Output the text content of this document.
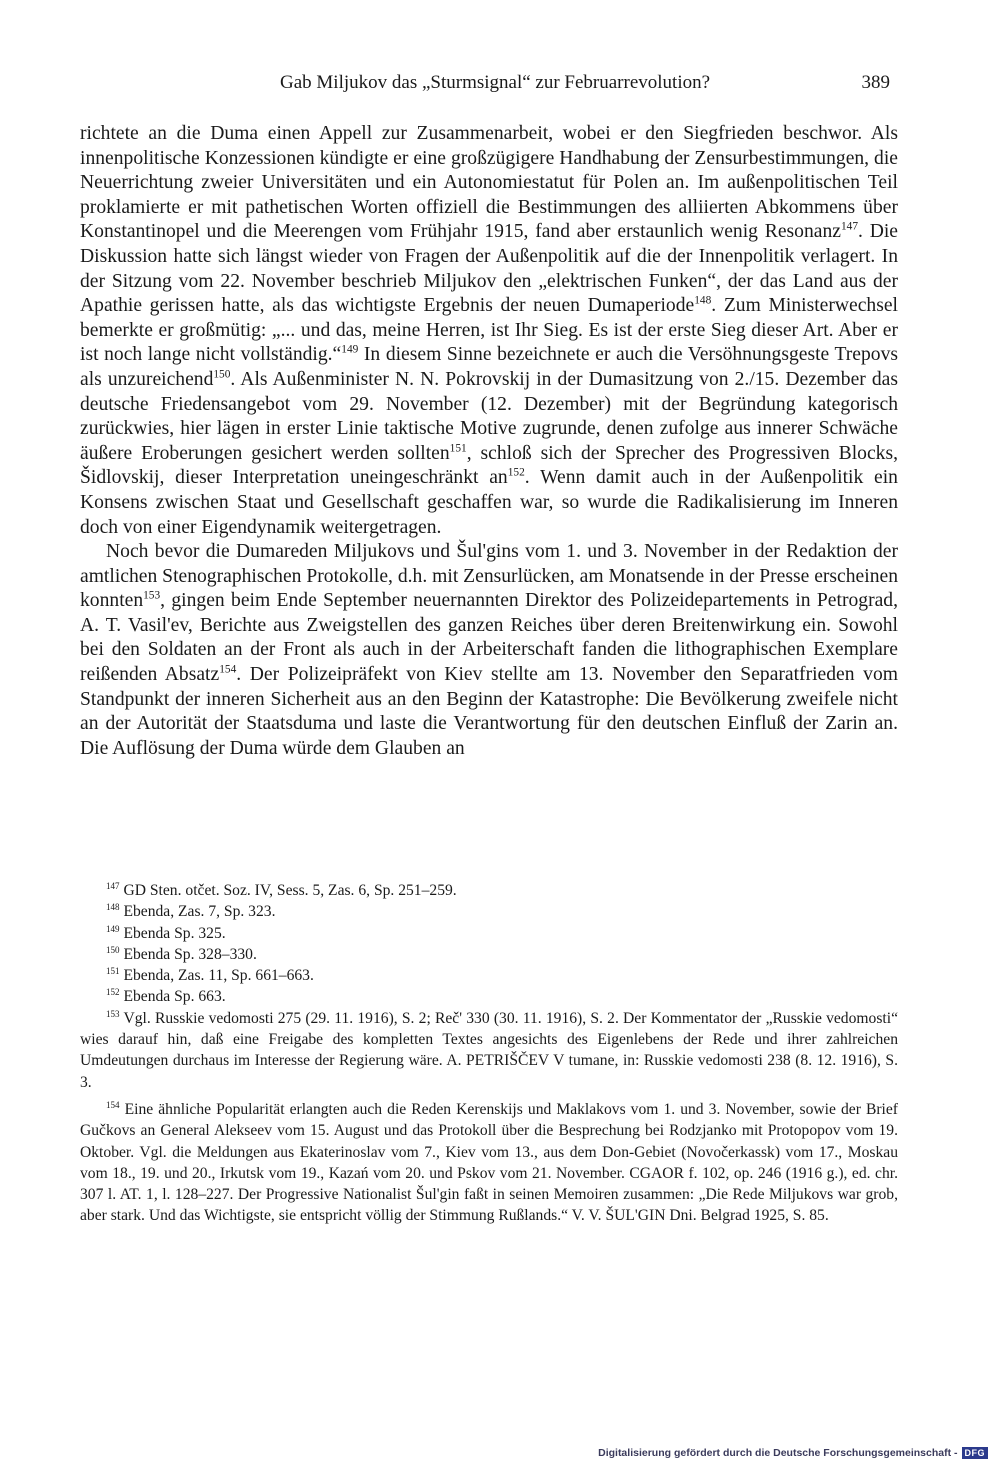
Gab Miljukov das „Sturmsignal“ zur Februarrevolution?	389

richtete an die Duma einen Appell zur Zusammenarbeit, wobei er den Siegfrieden beschwor. Als innenpolitische Konzessionen kündigte er eine großzügigere Handhabung der Zensurbestimmungen, die Neuerrichtung zweier Universitäten und ein Autonomiestatut für Polen an. Im außenpolitischen Teil proklamierte er mit pathetischen Worten offiziell die Bestimmungen des alliierten Abkommens über Konstantinopel und die Meerengen vom Frühjahr 1915, fand aber erstaunlich wenig Resonanz$^{147}$. Die Diskussion hatte sich längst wieder von Fragen der Außenpolitik auf die der Innenpolitik verlagert. In der Sitzung vom 22. November beschrieb Miljukov den „elektrischen Funken“, der das Land aus der Apathie gerissen hatte, als das wichtigste Ergebnis der neuen Dumaperiode$^{148}$. Zum Ministerwechsel bemerkte er großmütig: „... und das, meine Herren, ist Ihr Sieg. Es ist der erste Sieg dieser Art. Aber er ist noch lange nicht vollständig.“$^{149}$ In diesem Sinne bezeichnete er auch die Versöhnungsgeste Trepovs als unzureichend$^{150}$. Als Außenminister N. N. Pokrovskij in der Dumasitzung von 2./15. Dezember das deutsche Friedensangebot vom 29. November (12. Dezember) mit der Begründung kategorisch zurückwies, hier lägen in erster Linie taktische Motive zugrunde, denen zufolge aus innerer Schwäche äußere Eroberungen gesichert werden sollten$^{151}$, schloß sich der Sprecher des Progressiven Blocks, Šidlovskij, dieser Interpretation uneingeschränkt $an^{152}$. Wenn damit auch in der Außenpolitik ein Konsens zwischen Staat und Gesellschaft geschaffen war, so wurde die Radikalisierung im Inneren doch von einer Eigendynamik weitergetragen.

Noch bevor die Dumareden Miljukovs und Šul'gins vom 1. und 3. November in der Redaktion der amtlichen Stenographischen Protokolle, d.h. mit Zensurlücken, am Monatsende in der Presse erscheinen konnten$^{153}$, gingen beim Ende September neuernannten Direktor des Polizeidepartements in Petrograd, A. T. Vasil'ev, Berichte aus Zweigstellen des ganzen Reiches über deren Breitenwirkung ein. Sowohl bei den Soldaten an der Front als auch in der Arbeiterschaft fanden die lithographischen Exemplare reißenden Absatz$^{154}$. Der Polizeipräfekt von Kiev stellte am 13. November den Separatfrieden vom Standpunkt der inneren Sicherheit aus an den Beginn der Katastrophe: Die Bevölkerung zweifele nicht an der Autorität der Staatsduma und laste die Verantwortung für den deutschen Einfluß der Zarin an. Die Auflösung der Duma würde dem Glauben an

$^{147}$ GD Sten. otčet. Soz. IV, Sess. 5, Zas. 6, Sp. 251–259.

$^{148}$ Ebenda, Zas. 7, Sp. 323.

$^{149}$ Ebenda Sp. 325.

$^{150}$ Ebenda Sp. 328–330.

$^{151}$ Ebenda, Zas. 11, Sp. 661–663.

$^{152}$ Ebenda Sp. 663.

$^{153}$ Vgl. Russkie vedomosti 275 (29. 11. 1916), S. 2; Reč' 330 (30. 11. 1916), S. 2. Der Kommentator der „Russkie vedomosti“ wies darauf hin, daß eine Freigabe des kompletten Textes angesichts des Eigenlebens der Rede und ihrer zahlreichen Umdeutungen durchaus im Interesse der Regierung wäre. A. PETRIŠČEV V tumane, in: Russkie vedomosti 238 (8. 12. 1916), S. 3.

$^{154}$ Eine ähnliche Popularität erlangten auch die Reden Kerenskijs und Maklakovs vom 1. und 3. November, sowie der Brief Gučkovs an General Alekseev vom 15. August und das Protokoll über die Besprechung bei Rodzjanko mit Protopopov vom 19. Oktober. Vgl. die Meldungen aus Ekaterinoslav vom 7., Kiev vom 13., aus dem Don-Gebiet (Novočerkassk) vom 17., Moskau vom 18., 19. und 20., Irkutsk vom 19., Kazań vom 20. und Pskov vom 21. November. CGAOR f. 102, op. 246 (1916 g.), ed. chr. 307 l. AT. 1, l. 128–227. Der Progressive Nationalist Šul'gin faßt in seinen Memoiren zusammen: „Die Rede Miljukovs war grob, aber stark. Und das Wichtigste, sie entspricht völlig der Stimmung Rußlands.“ V. V. ŠUL'GIN Dni. Belgrad 1925, S. 85.

Digitalisierung gefördert durch die Deutsche Forschungsgemeinschaft - DFG
